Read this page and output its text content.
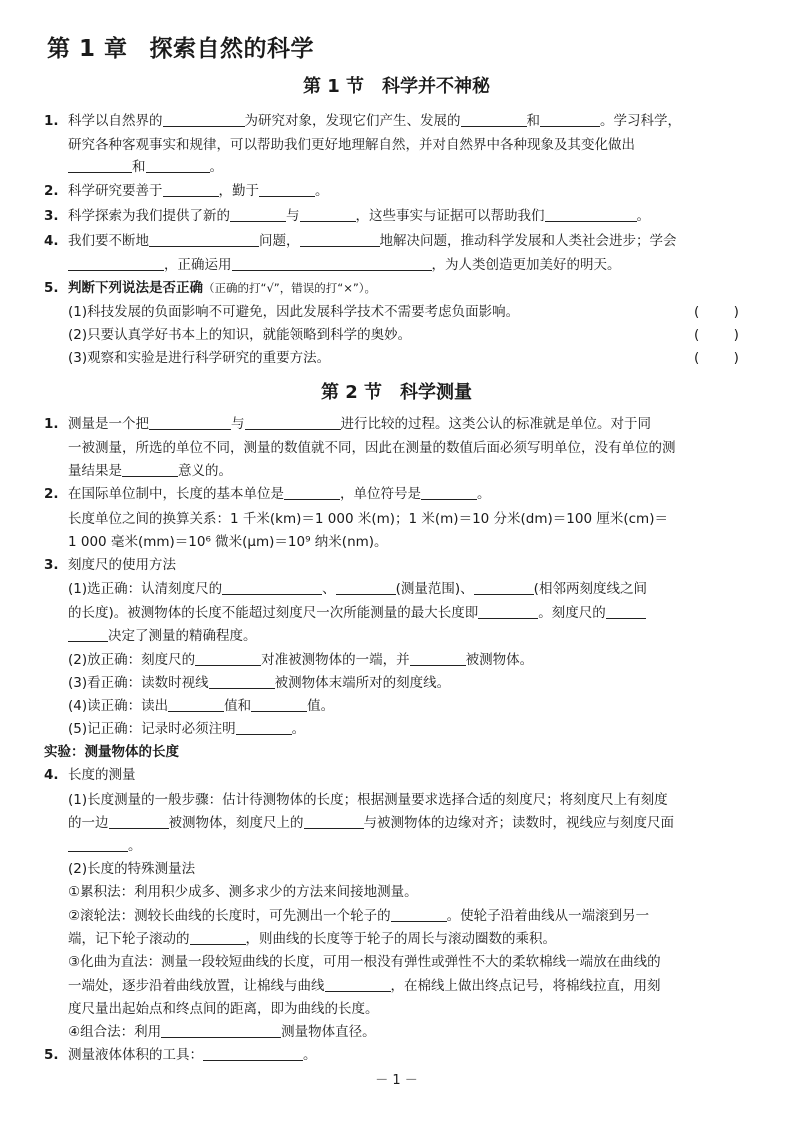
第 1 章 探索自然的科学
第 1 节 科学并不神秘
1. 科学以自然界的	为研究对象，发现它们产生、发展的	和	。学习科学，
研究各种客观事实和规律，可以帮助我们更好地理解自然，并对自然界中各种现象及其变化做出
和	。
2. 科学研究要善于	，勤于	。
3. 科学探索为我们提供了新的	与	，这些事实与证据可以帮助我们	。
4. 我们要不断地	问题，	地解决问题，推动科学发展和人类社会进步；学会
，正确运用	，为人类创造更加美好的明天。
5. 判断下列说法是否正确（正确的打“√”，错误的打“×”）。
(1)科技发展的负面影响不可避免，因此发展科学技术不需要考虑负面影响。	(        )
(2)只要认真学好书本上的知识，就能领略到科学的奥妙。	(        )
(3)观察和实验是进行科学研究的重要方法。	(        )
第 2 节 科学测量
1. 测量是一个把	与	进行比较的过程。这类公认的标准就是单位。对于同
一被测量，所选的单位不同，测量的数值就不同，因此在测量的数值后面必须写明单位，没有单位的测
量结果是	意义的。
2. 在国际单位制中，长度的基本单位是	，单位符号是	。
长度单位之间的换算关系：1 千米(km)＝1 000 米(m)；1 米(m)＝10 分米(dm)＝100 厘米(cm)＝
1 000 毫米(mm)＝10⁶ 微米(μm)＝10⁹ 纳米(nm)。
3. 刻度尺的使用方法
(1)选正确：认清刻度尺的	、	(测量范围)、	(相邻两刻度线之间
的长度)。被测物体的长度不能超过刻度尺一次所能测量的最大长度即	。刻度尺的
决定了测量的精确程度。
(2)放正确：刻度尺的	对准被测物体的一端，并	被测物体。
(3)看正确：读数时视线	被测物体末端所对的刻度线。
(4)读正确：读出	值和	值。
(5)记正确：记录时必须注明	。
实验：测量物体的长度
4. 长度的测量
(1)长度测量的一般步骤：估计待测物体的长度；根据测量要求选择合适的刻度尺；将刻度尺上有刻度
的一边	被测物体，刻度尺上的	与被测物体的边缘对齐；读数时，视线应与刻度尺面
。
(2)长度的特殊测量法
①累积法：利用积少成多、测多求少的方法来间接地测量。
②滚轮法：测较长曲线的长度时，可先测出一个轮子的	。使轮子沿着曲线从一端滚到另一
端，记下轮子滚动的	，则曲线的长度等于轮子的周长与滚动圈数的乘积。
③化曲为直法：测量一段较短曲线的长度，可用一根没有弹性或弹性不大的柔软棉线一端放在曲线的
一端处，逐步沿着曲线放置，让棉线与曲线	，在棉线上做出终点记号，将棉线拉直，用刻
度尺量出起始点和终点间的距离，即为曲线的长度。
④组合法：利用	测量物体直径。
5. 测量液体体积的工具：	。
－ 1 －
